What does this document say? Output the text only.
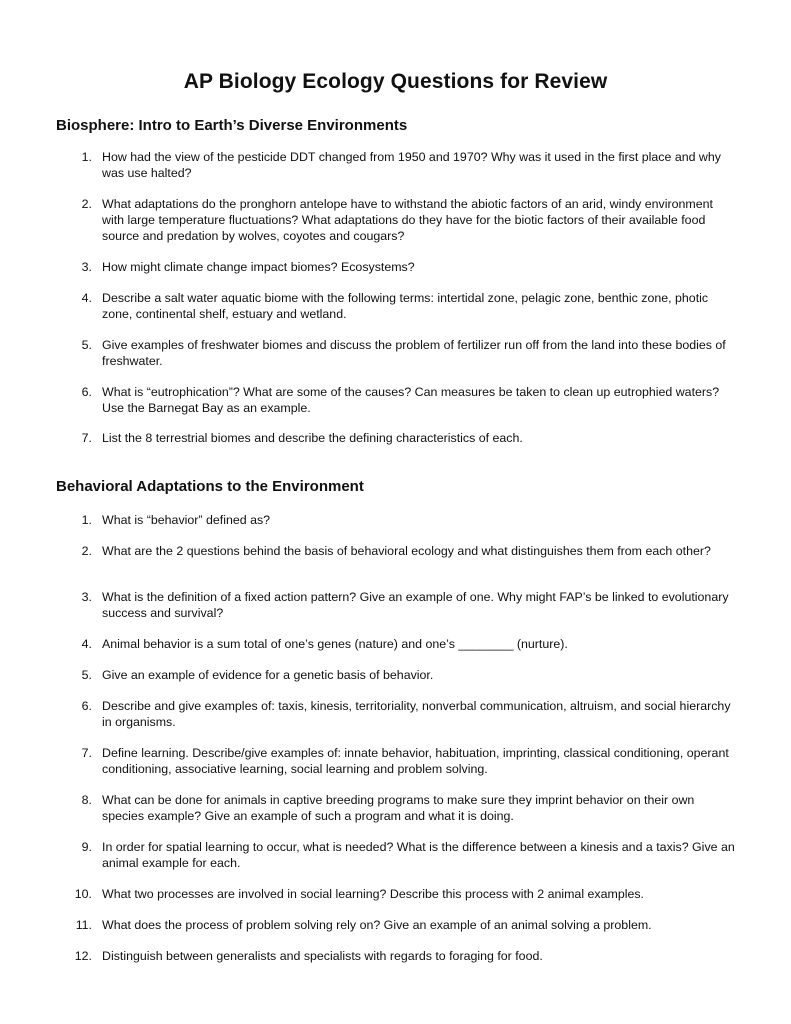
AP Biology Ecology Questions for Review
Biosphere: Intro to Earth’s Diverse Environments
1. How had the view of the pesticide DDT changed from 1950 and 1970? Why was it used in the first place and why was use halted?
2. What adaptations do the pronghorn antelope have to withstand the abiotic factors of an arid, windy environment with large temperature fluctuations? What adaptations do they have for the biotic factors of their available food source and predation by wolves, coyotes and cougars?
3. How might climate change impact biomes? Ecosystems?
4. Describe a salt water aquatic biome with the following terms: intertidal zone, pelagic zone, benthic zone, photic zone, continental shelf, estuary and wetland.
5. Give examples of freshwater biomes and discuss the problem of fertilizer run off from the land into these bodies of freshwater.
6. What is “eutrophication”? What are some of the causes? Can measures be taken to clean up eutrophied waters? Use the Barnegat Bay as an example.
7. List the 8 terrestrial biomes and describe the defining characteristics of each.
Behavioral Adaptations to the Environment
1. What is “behavior” defined as?
2. What are the 2 questions behind the basis of behavioral ecology and what distinguishes them from each other?
3. What is the definition of a fixed action pattern? Give an example of one. Why might FAP’s be linked to evolutionary success and survival?
4. Animal behavior is a sum total of one’s genes (nature) and one’s ________ (nurture).
5. Give an example of evidence for a genetic basis of behavior.
6. Describe and give examples of: taxis, kinesis, territoriality, nonverbal communication, altruism, and social hierarchy in organisms.
7. Define learning. Describe/give examples of: innate behavior, habituation, imprinting, classical conditioning, operant conditioning, associative learning, social learning and problem solving.
8. What can be done for animals in captive breeding programs to make sure they imprint behavior on their own species example? Give an example of such a program and what it is doing.
9. In order for spatial learning to occur, what is needed? What is the difference between a kinesis and a taxis? Give an animal example for each.
10. What two processes are involved in social learning? Describe this process with 2 animal examples.
11. What does the process of problem solving rely on? Give an example of an animal solving a problem.
12. Distinguish between generalists and specialists with regards to foraging for food.
